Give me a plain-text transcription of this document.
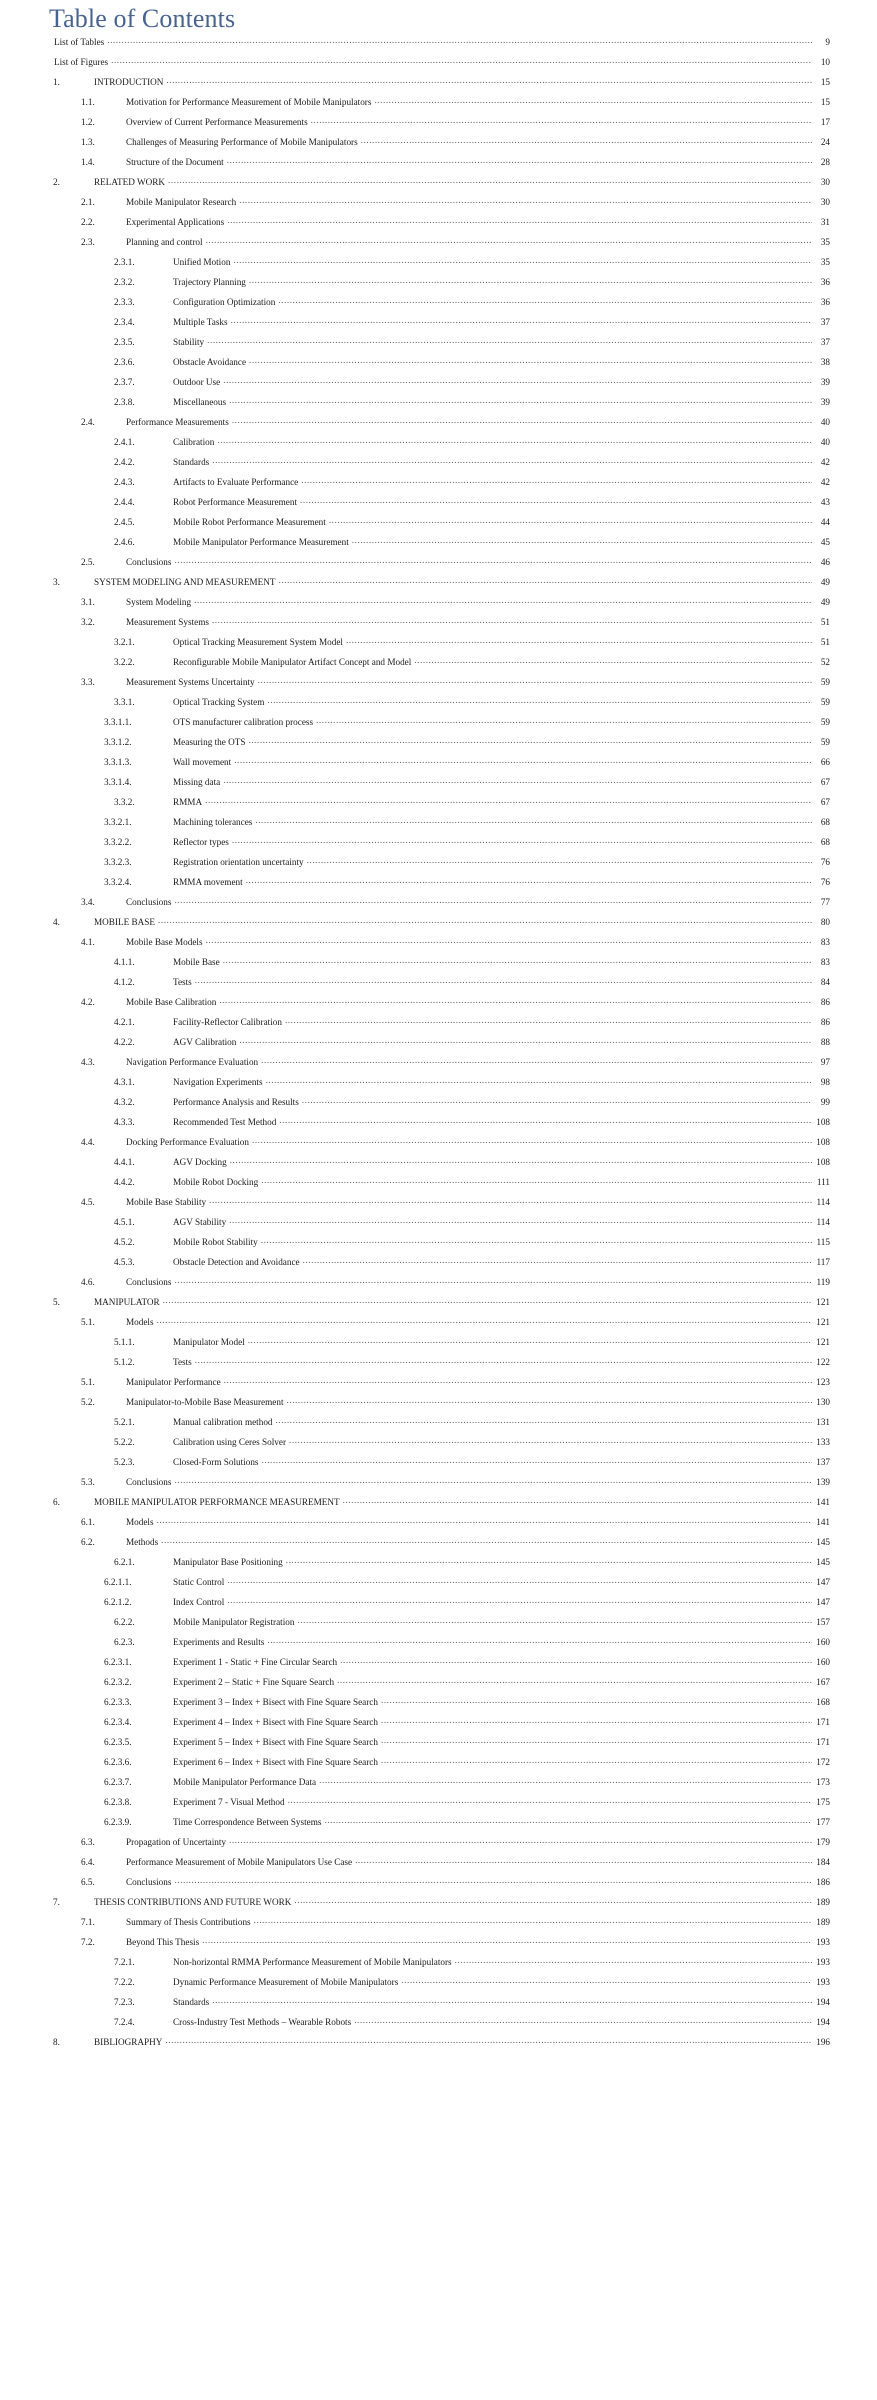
Table of Contents
List of Tables .....	9
List of Figures .....	10
1.	INTRODUCTION .....	15
1.1.	Motivation for Performance Measurement of Mobile Manipulators .....	15
1.2.	Overview of Current Performance Measurements .....	17
1.3.	Challenges of Measuring Performance of Mobile Manipulators .....	24
1.4.	Structure of the Document .....	28
2.	RELATED WORK .....	30
2.1.	Mobile Manipulator Research .....	30
2.2.	Experimental Applications .....	31
2.3.	Planning and control .....	35
2.3.1.	Unified Motion .....	35
2.3.2.	Trajectory Planning .....	36
2.3.3.	Configuration Optimization .....	36
2.3.4.	Multiple Tasks .....	37
2.3.5.	Stability .....	37
2.3.6.	Obstacle Avoidance .....	38
2.3.7.	Outdoor Use .....	39
2.3.8.	Miscellaneous .....	39
2.4.	Performance Measurements .....	40
2.4.1.	Calibration .....	40
2.4.2.	Standards .....	42
2.4.3.	Artifacts to Evaluate Performance .....	42
2.4.4.	Robot Performance Measurement .....	43
2.4.5.	Mobile Robot Performance Measurement .....	44
2.4.6.	Mobile Manipulator Performance Measurement .....	45
2.5.	Conclusions .....	46
3.	SYSTEM MODELING AND MEASUREMENT .....	49
3.1.	System Modeling .....	49
3.2.	Measurement Systems .....	51
3.2.1.	Optical Tracking Measurement System Model .....	51
3.2.2.	Reconfigurable Mobile Manipulator Artifact Concept and Model .....	52
3.3.	Measurement Systems Uncertainty .....	59
3.3.1.	Optical Tracking System .....	59
3.3.1.1.	OTS manufacturer calibration process .....	59
3.3.1.2.	Measuring the OTS .....	59
3.3.1.3.	Wall movement .....	66
3.3.1.4.	Missing data .....	67
3.3.2.	RMMA .....	67
3.3.2.1.	Machining tolerances .....	68
3.3.2.2.	Reflector types .....	68
3.3.2.3.	Registration orientation uncertainty .....	76
3.3.2.4.	RMMA movement .....	76
3.4.	Conclusions .....	77
4.	MOBILE BASE .....	80
4.1.	Mobile Base Models .....	83
4.1.1.	Mobile Base .....	83
4.1.2.	Tests .....	84
4.2.	Mobile Base Calibration .....	86
4.2.1.	Facility-Reflector Calibration .....	86
4.2.2.	AGV Calibration .....	88
4.3.	Navigation Performance Evaluation .....	97
4.3.1.	Navigation Experiments .....	98
4.3.2.	Performance Analysis and Results .....	99
4.3.3.	Recommended Test Method .....	108
4.4.	Docking Performance Evaluation .....	108
4.4.1.	AGV Docking .....	108
4.4.2.	Mobile Robot Docking .....	111
4.5.	Mobile Base Stability .....	114
4.5.1.	AGV Stability .....	114
4.5.2.	Mobile Robot Stability .....	115
4.5.3.	Obstacle Detection and Avoidance .....	117
4.6.	Conclusions .....	119
5.	MANIPULATOR .....	121
5.1.	Models .....	121
5.1.1.	Manipulator Model .....	121
5.1.2.	Tests .....	122
5.1.	Manipulator Performance .....	123
5.2.	Manipulator-to-Mobile Base Measurement .....	130
5.2.1.	Manual calibration method .....	131
5.2.2.	Calibration using Ceres Solver .....	133
5.2.3.	Closed-Form Solutions .....	137
5.3.	Conclusions .....	139
6.	MOBILE MANIPULATOR PERFORMANCE MEASUREMENT .....	141
6.1.	Models .....	141
6.2.	Methods .....	145
6.2.1.	Manipulator Base Positioning .....	145
6.2.1.1.	Static Control .....	147
6.2.1.2.	Index Control .....	147
6.2.2.	Mobile Manipulator Registration .....	157
6.2.3.	Experiments and Results .....	160
6.2.3.1.	Experiment 1 - Static + Fine Circular Search .....	160
6.2.3.2.	Experiment 2 – Static + Fine Square Search .....	167
6.2.3.3.	Experiment 3 – Index + Bisect with Fine Square Search .....	168
6.2.3.4.	Experiment 4 – Index + Bisect with Fine Square Search .....	171
6.2.3.5.	Experiment 5 – Index + Bisect with Fine Square Search .....	171
6.2.3.6.	Experiment 6 – Index + Bisect with Fine Square Search .....	172
6.2.3.7.	Mobile Manipulator Performance Data .....	173
6.2.3.8.	Experiment 7 - Visual Method .....	175
6.2.3.9.	Time Correspondence Between Systems .....	177
6.3.	Propagation of Uncertainty .....	179
6.4.	Performance Measurement of Mobile Manipulators Use Case .....	184
6.5.	Conclusions .....	186
7.	THESIS CONTRIBUTIONS AND FUTURE WORK .....	189
7.1.	Summary of Thesis Contributions .....	189
7.2.	Beyond This Thesis .....	193
7.2.1.	Non-horizontal RMMA Performance Measurement of Mobile Manipulators .....	193
7.2.2.	Dynamic Performance Measurement of Mobile Manipulators .....	193
7.2.3.	Standards .....	194
7.2.4.	Cross-Industry Test Methods – Wearable Robots .....	194
8.	BIBLIOGRAPHY .....	196
